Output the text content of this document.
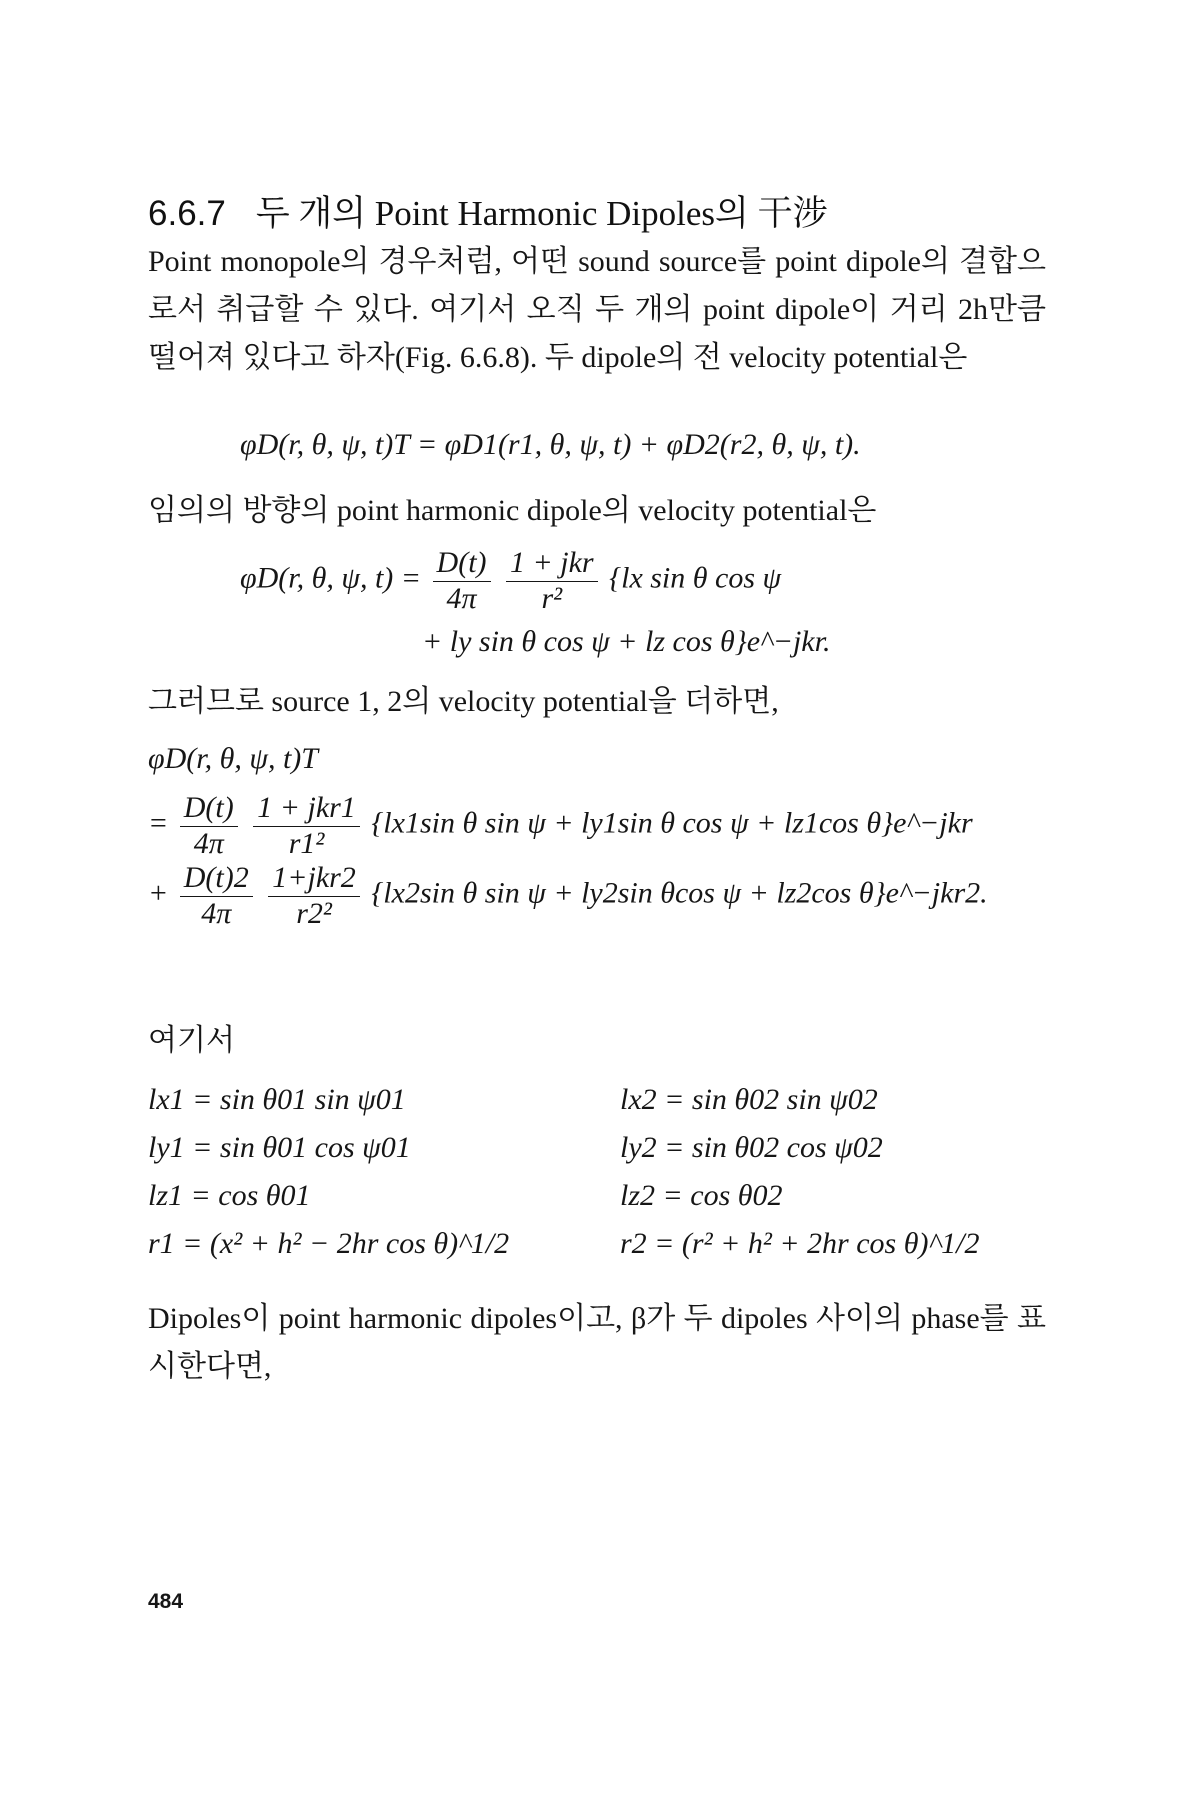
6.6.7 두 개의 Point Harmonic Dipoles의 干涉
Point monopole의 경우처럼, 어떤 sound source를 point dipole의 결합으로서 취급할 수 있다. 여기서 오직 두 개의 point dipole이 거리 2h만큼 떨어져 있다고 하자(Fig. 6.6.8). 두 dipole의 전 velocity potential은
φD(r, θ, ψ, t)T = φD1(r1, θ, ψ, t) + φD2(r2, θ, ψ, t).
임의의 방향의 point harmonic dipole의 velocity potential은
φD(r, θ, ψ, $t) = \frac{D(t)}{4\pi}$
$\frac{\text{1 + jkr}}{\text{r²}} \{lx$ sin θ cos ψ
+ ly sin θ cos ψ + lz cos θ}e^−jkr.
그러므로 source 1, 2의 velocity potential을 더하면,
φD(r, θ, ψ, t)T
= $\frac{D(t)}{4\pi}$
$\frac{\text{1 + jkr1}}{\text{r1²}} \{lx1\sin$ θ sin ψ + ly1sin θ cos ψ + lz1cos θ}e^−jkr
+ $\frac{D(t)2}{4\pi}$
$\frac{\text{1+jkr2}}{\text{r2²}} \{lx2\sin$ θ sin ψ + ly2sin θcos ψ + lz2cos θ}e^−jkr2.
여기서
lx1 = sin θ01 sin ψ01
ly1 = sin θ01 cos ψ01
lz1 = cos θ01
r1 = (x² + h² − 2hr cos θ)^1/2
lx2 = sin θ02 sin ψ02
ly2 = sin θ02 cos ψ02
lz2 = cos θ02
r2 = (r² + h² + 2hr cos θ)^1/2
Dipoles이 point harmonic dipoles이고, β가 두 dipoles 사이의 phase를 표시한다면,
484
